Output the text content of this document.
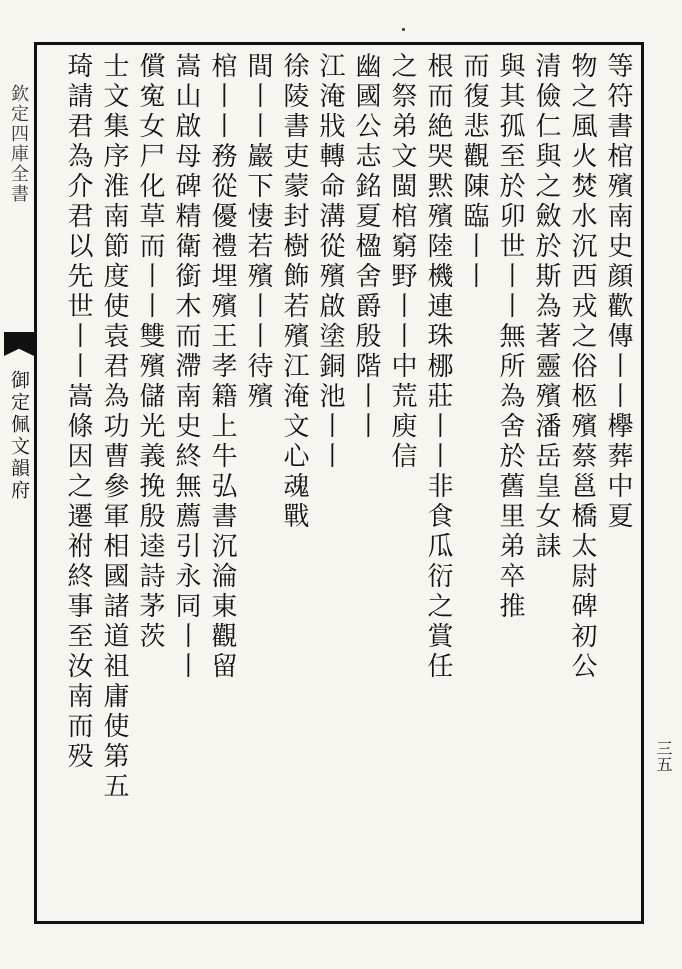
欽定四庫全書
御定佩文韻府	等符書棺殯南史顔歡傳丨丨欅葬中夏
物之風火焚水沉西戎之俗柩殯蔡邕橋太尉碑初公
清儉仁與之斂於斯為著靈殯潘岳皇女誄
與其孤至於卯世丨丨無所為舍於舊里弟卒推
而復悲觀陳臨丨丨
根而絶哭黙殯陸機連珠梛莊丨丨非食瓜衍之賞任
之祭弟文閩棺窮野丨丨中荒庾信
幽國公志銘夏楹舍爵殷階丨丨
江淹戕轉命溝從殯啟塗銅池丨丨
徐陵書吏蒙封樹飾若殯江淹文心魂戰
間丨丨巖下悽若殯丨丨待殯
棺丨丨務從優禮埋殯王孝籍上牛弘書沉淪東觀留
嵩山啟母碑精衛銜木而滯南史終無薦引永同丨丨
償寃女尸化草而丨丨雙殯儲光義挽殷逵詩茅茨
士文集序淮南節度使袁君為功曹參軍相國諸道祖庸使第五
琦請君為介君以先世丨丨嵩條因之遷祔終事至汝南而殁	三五
